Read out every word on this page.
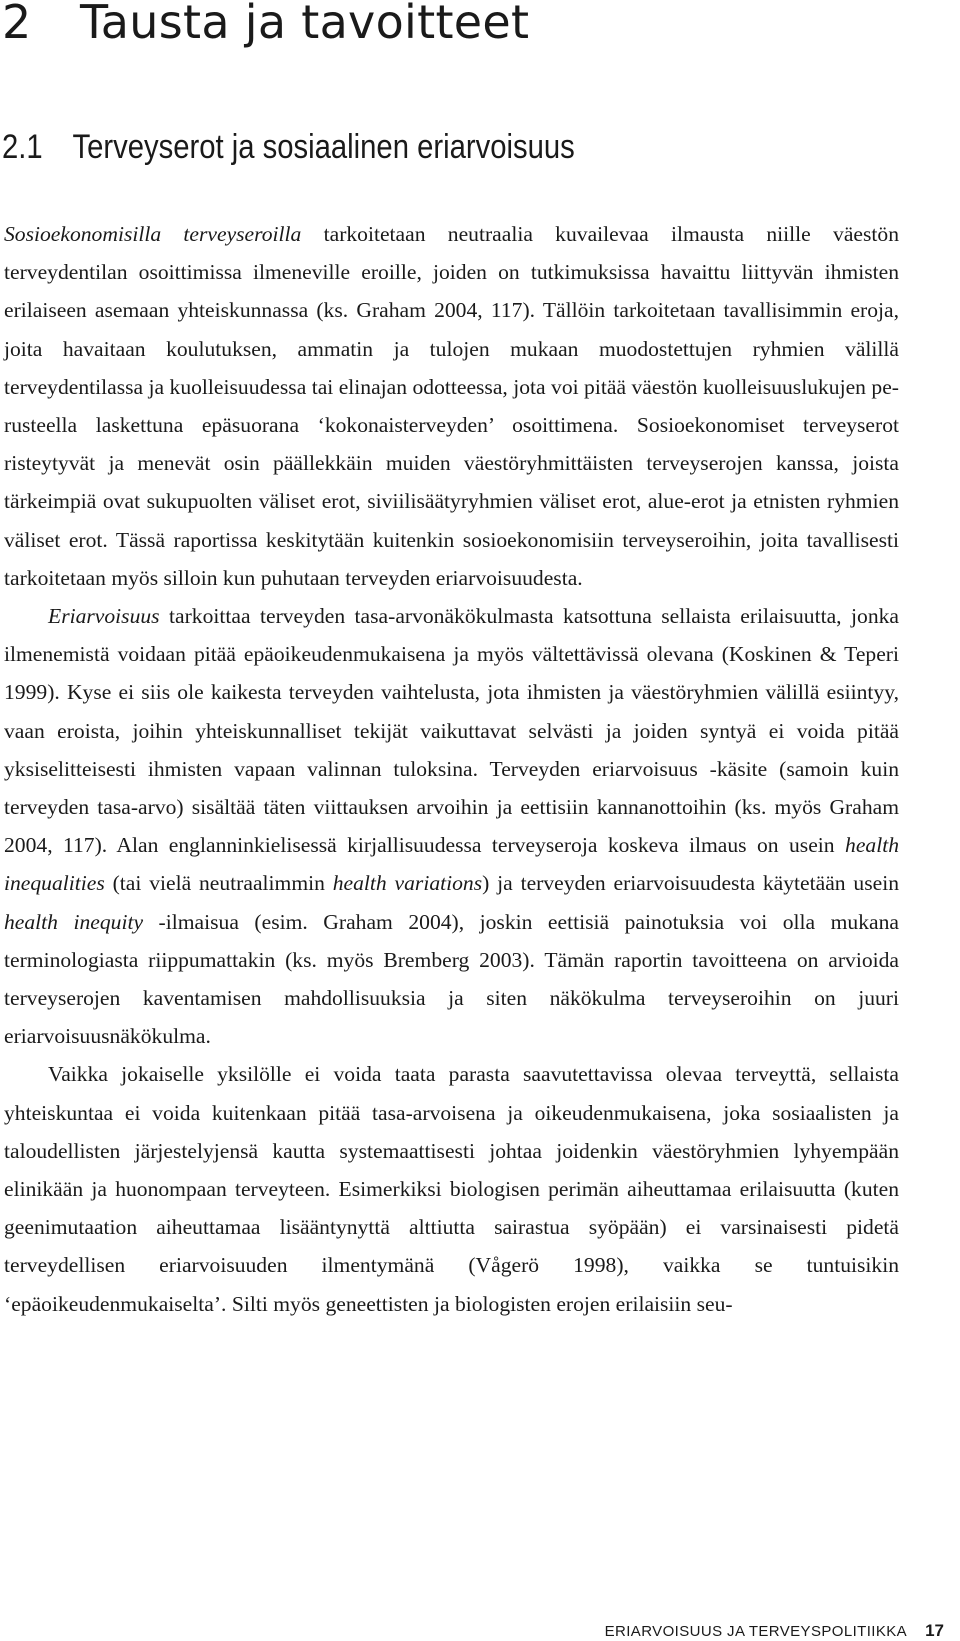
2 Tausta ja tavoitteet
2.1 Terveyserot ja sosiaalinen eriarvoisuus

Sosioekonomisilla terveyseroilla tarkoitetaan neutraalia kuvailevaa ilmausta niille väestön terveydentilan osoittimissa ilmeneville eroille, joiden on tutkimuksissa havaittu liittyvän ihmisten erilaiseen asemaan yhteiskunnassa (ks. Graham 2004, 117). Tällöin tarkoitetaan tavallisimmin eroja, joita havaitaan koulutuksen, ammatin ja tulojen mukaan muodostettujen ryhmien välillä terveydentilassa ja kuolleisuudessa tai elinajan odotteessa, jota voi pitää väestön kuolleisuuslukujen perusteella laskettuna epäsuorana ‘kokonaisterveyden’ osoittimena. Sosioekonomiset terveyserot risteytyvät ja menevät osin päällekkäin muiden väestöryhmittäisten terveyserojen kanssa, joista tärkeimpiä ovat sukupuolten väliset erot, siviilisäätyryhmien väliset erot, alue-erot ja etnisten ryhmien väliset erot. Tässä raportissa keskitytään kuitenkin sosioekonomisiin terveyseroihin, joita tavallisesti tarkoitetaan myös silloin kun puhutaan terveyden eriarvoisuudesta.

Eriarvoisuus tarkoittaa terveyden tasa-arvonäkökulmasta katsottuna sellaista erilaisuutta, jonka ilmenemistä voidaan pitää epäoikeudenmukaisena ja myös vältettävissä olevana (Koskinen & Teperi 1999). Kyse ei siis ole kaikesta terveyden vaihtelusta, jota ihmisten ja väestöryhmien välillä esiintyy, vaan eroista, joihin yhteiskunnalliset tekijät vaikuttavat selvästi ja joiden syntyä ei voida pitää yksiselitteisesti ihmisten vapaan valinnan tuloksina. Terveyden eriarvoisuus -käsite (samoin kuin terveyden tasa-arvo) sisältää täten viittauksen arvoihin ja eettisiin kannanottoihin (ks. myös Graham 2004, 117). Alan englanninkielisessä kirjallisuudessa terveyseroja koskeva ilmaus on usein health inequalities (tai vielä neutraalimmin health variations) ja terveyden eriarvoisuudesta käytetään usein health inequity -ilmaisua (esim. Graham 2004), joskin eettisiä painotuksia voi olla mukana terminologiasta riippumattakin (ks. myös Bremberg 2003). Tämän raportin tavoitteena on arvioida terveyserojen kaventamisen mahdollisuuksia ja siten näkökulma terveyseroihin on juuri eriarvoisuusnäkökulma.

Vaikka jokaiselle yksilölle ei voida taata parasta saavutettavissa olevaa terveyttä, sellaista yhteiskuntaa ei voida kuitenkaan pitää tasa-arvoisena ja oikeudenmukaisena, joka sosiaalisten ja taloudellisten järjestelyjensä kautta systemaattisesti johtaa joidenkin väestöryhmien lyhyempään elinikään ja huonompaan terveyteen. Esimerkiksi biologisen perimän aiheuttamaa erilaisuutta (kuten geenimutaation aiheuttamaa lisääntynyttä alttiutta sairastua syöpään) ei varsinaisesti pidetä terveydellisen eriarvoisuuden ilmentymänä (Vågerö 1998), vaikka se tuntuisikin ‘epäoikeudenmukaiselta’. Silti myös geneettisten ja biologisten erojen erilaisiin seu-

ERIARVOISUUS JA TERVEYSPOLITIIKKA 17
